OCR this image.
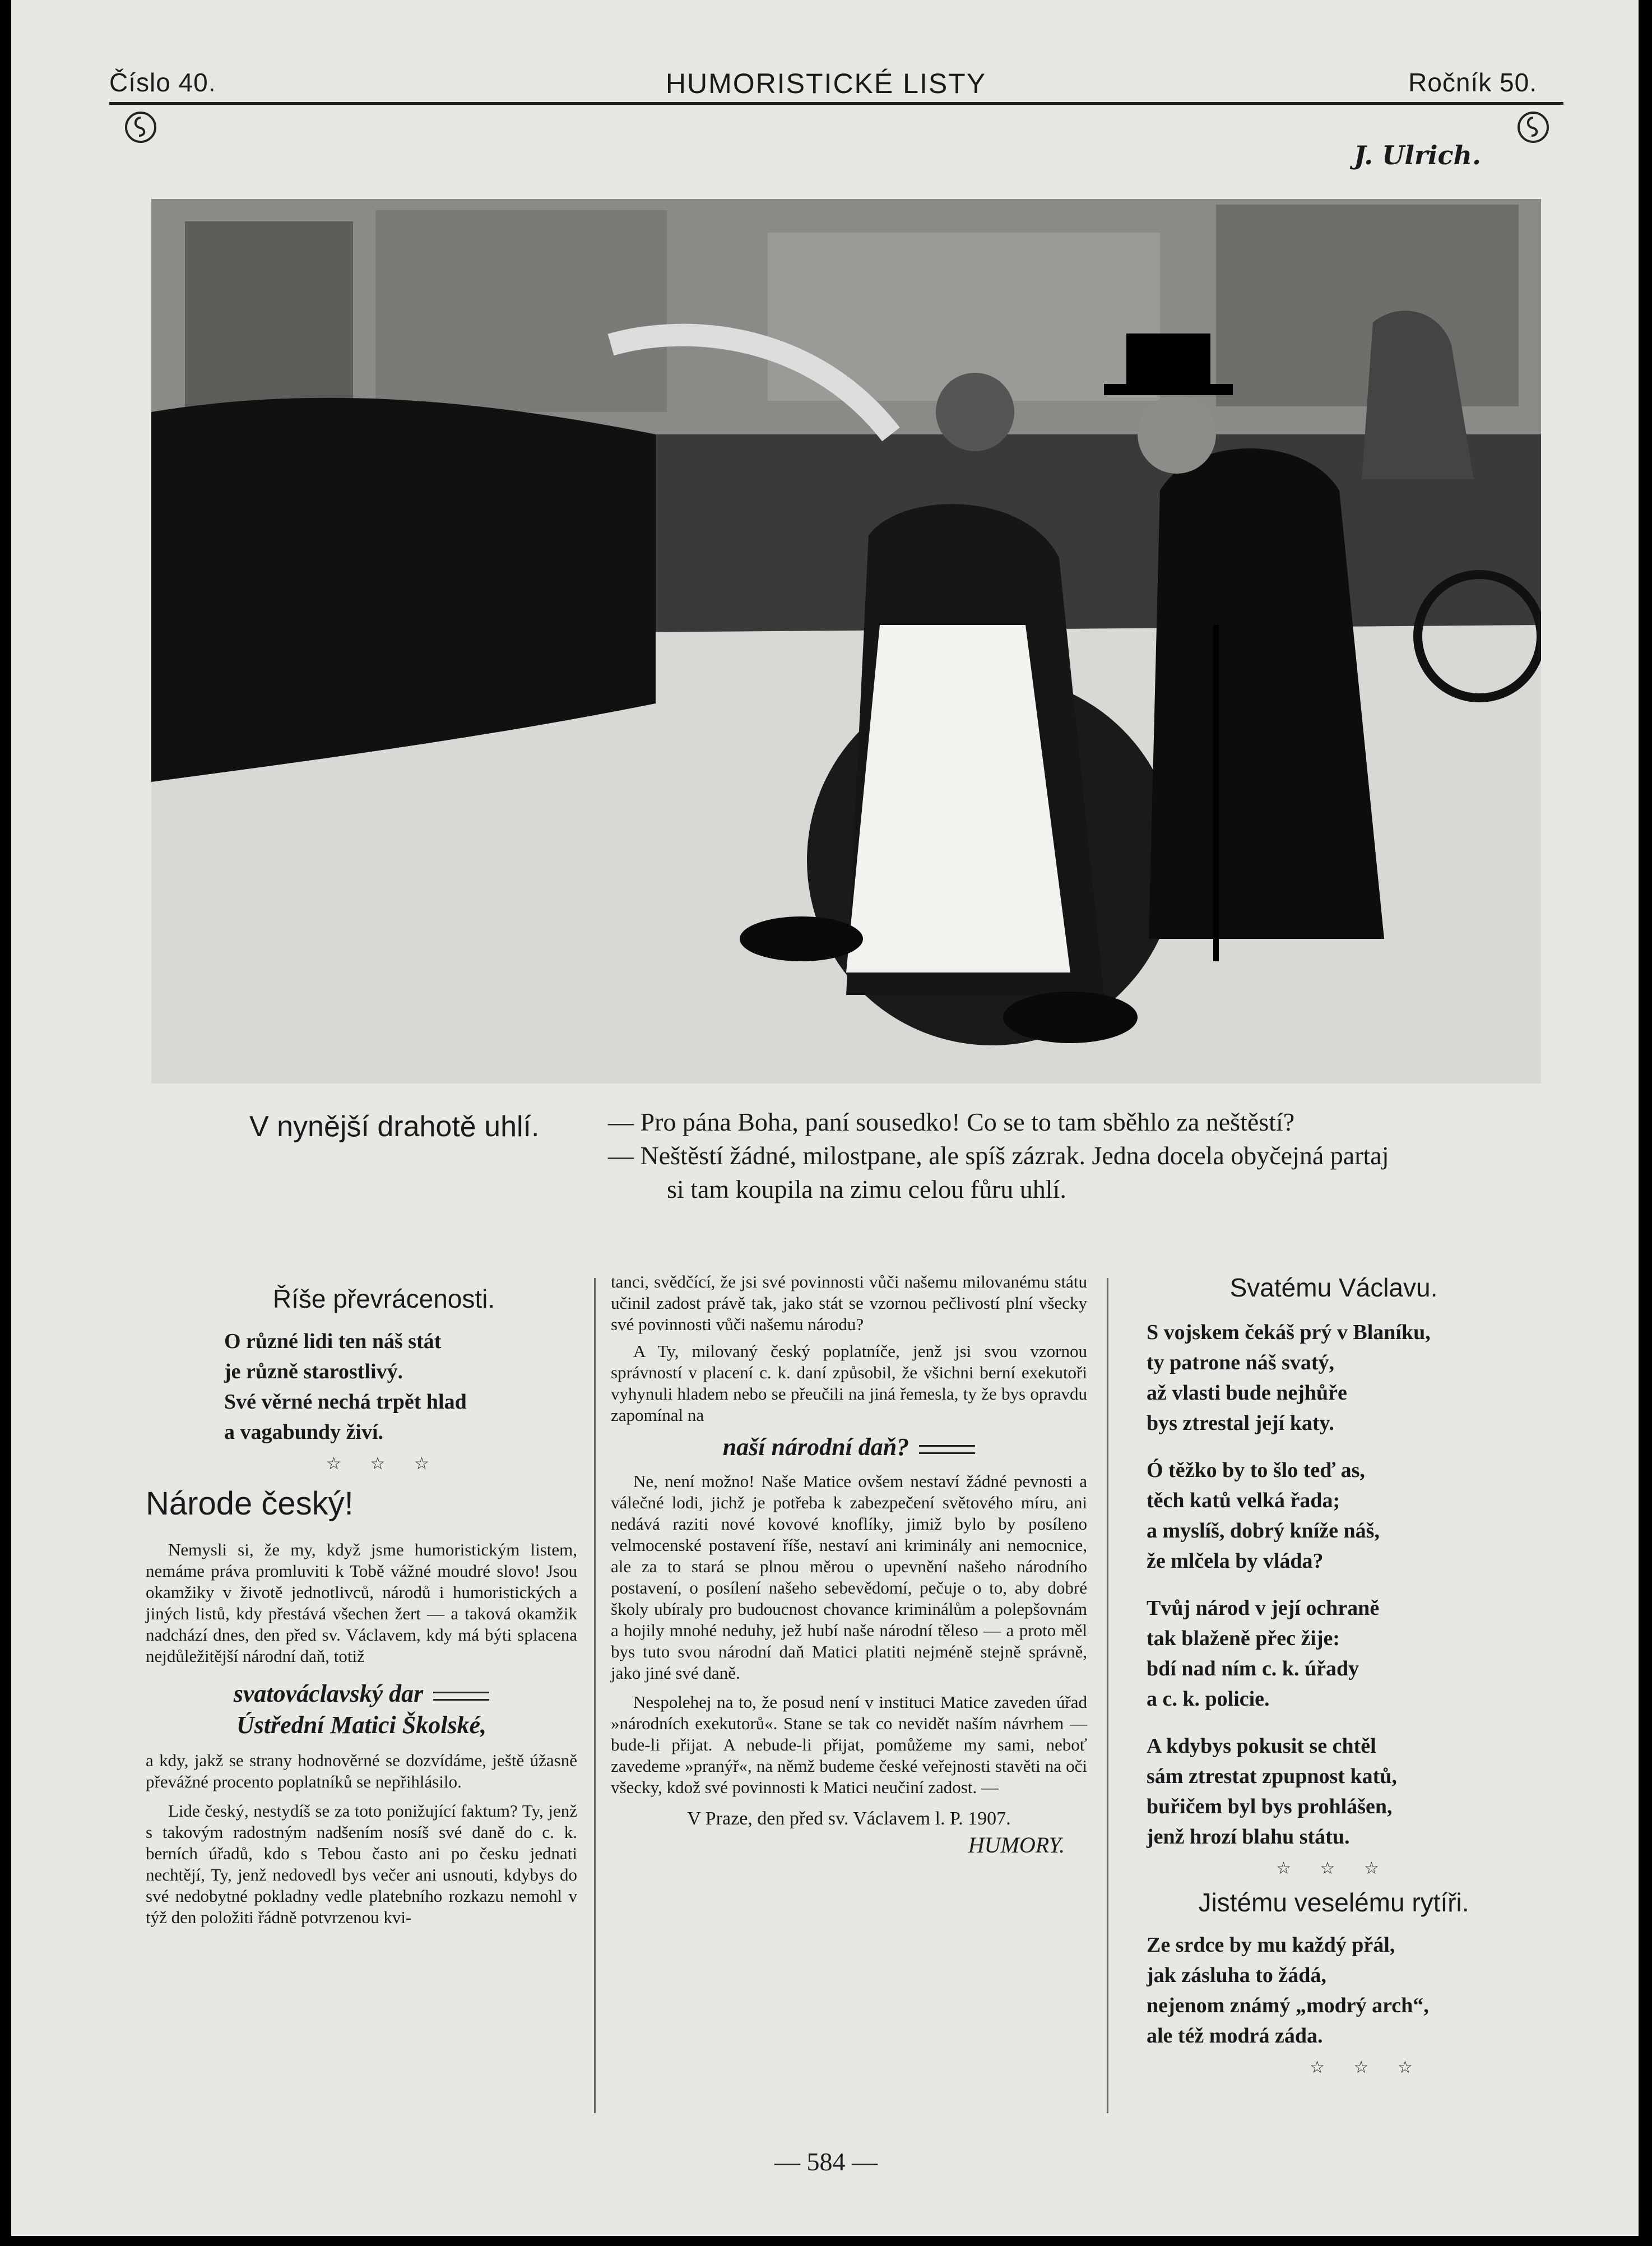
Číslo 40.	HUMORISTICKÉ LISTY	Ročník 50.
J. Ulrich.
V nynější drahotě uhlí.	— Pro pána Boha, paní sousedko! Co se to tam sběhlo za neštěstí?
— Neštěstí žádné, milostpane, ale spíš zázrak. Jedna docela obyčejná partaj
si tam koupila na zimu celou fůru uhlí.

Říše převrácenosti.

O různé lidi ten náš stát

je různě starostlivý.

Své věrné nechá trpět hlad

a vagabundy živí.

☆ ☆ ☆

Národe český!

Nemysli si, že my, když jsme humoristickým listem, nemáme práva promluviti k Tobě vážné moudré slovo! Jsou okamžiky v životě jednotlivců, národů i humoristických a jiných listů, kdy přestává všechen žert — a taková okamžik nadchází dnes, den před sv. Václavem, kdy má býti splacena nejdůležitější národní daň, totiž

svatováclavský dar

Ústřední Matici Školské,

a kdy, jakž se strany hodnověrné se dozvídáme, ještě úžasně převážné procento poplatníků se nepřihlásilo.

Lide český, nestydíš se za toto ponižující faktum? Ty, jenž s takovým radostným nadšením nosíš své daně do c. k. berních úřadů, kdo s Tebou často ani po česku jednati nechtějí, Ty, jenž nedovedl bys večer ani usnouti, kdybys do své nedobytné pokladny vedle platebního rozkazu nemohl v týž den položiti řádně potvrzenou kvi-

tanci, svědčící, že jsi své povinnosti vůči našemu milovanému státu učinil zadost právě tak, jako stát se vzornou pečlivostí plní všecky své povinnosti vůči našemu národu?

A Ty, milovaný český poplatníče, jenž jsi svou vzornou správností v placení c. k. daní způsobil, že všichni berní exekutoři vyhynuli hladem nebo se přeučili na jiná řemesla, ty že bys opravdu zapomínal na

naší národní daň?

Ne, není možno! Naše Matice ovšem nestaví žádné pevnosti a válečné lodi, jichž je potřeba k zabezpečení světového míru, ani nedává raziti nové kovové knoflíky, jimiž bylo by posíleno velmocenské postavení říše, nestaví ani kriminály ani nemocnice, ale za to stará se plnou měrou o upevnění našeho národního postavení, o posílení našeho sebevědomí, pečuje o to, aby dobré školy ubíraly pro budoucnost chovance kriminálům a polepšovnám a hojily mnohé neduhy, jež hubí naše národní těleso — a proto měl bys tuto svou národní daň Matici platiti nejméně stejně správně, jako jiné své daně.

Nespolehej na to, že posud není v instituci Matice zaveden úřad »národních exekutorů«. Stane se tak co nevidět naším návrhem — bude-li přijat. A nebude-li přijat, pomůžeme my sami, neboť zavedeme »pranýř«, na němž budeme české veřejnosti stavěti na oči všecky, kdož své povinnosti k Matici neučiní zadost. —

V Praze, den před sv. Václavem l. P. 1907.

HUMORY.

Svatému Václavu.

S vojskem čekáš prý v Blaníku,

ty patrone náš svatý,

až vlasti bude nejhůře

bys ztrestal její katy.

Ó těžko by to šlo teď as,

těch katů velká řada;

a myslíš, dobrý kníže náš,

že mlčela by vláda?

Tvůj národ v její ochraně

tak blaženě přec žije:

bdí nad ním c. k. úřady

a c. k. policie.

A kdybys pokusit se chtěl

sám ztrestat zpupnost katů,

buřičem byl bys prohlášen,

jenž hrozí blahu státu.

☆ ☆ ☆

Jistému veselému rytíři.

Ze srdce by mu každý přál,

jak zásluha to žádá,

nejenom známý „modrý arch“,

ale též modrá záda.

☆ ☆ ☆

— 584 —
